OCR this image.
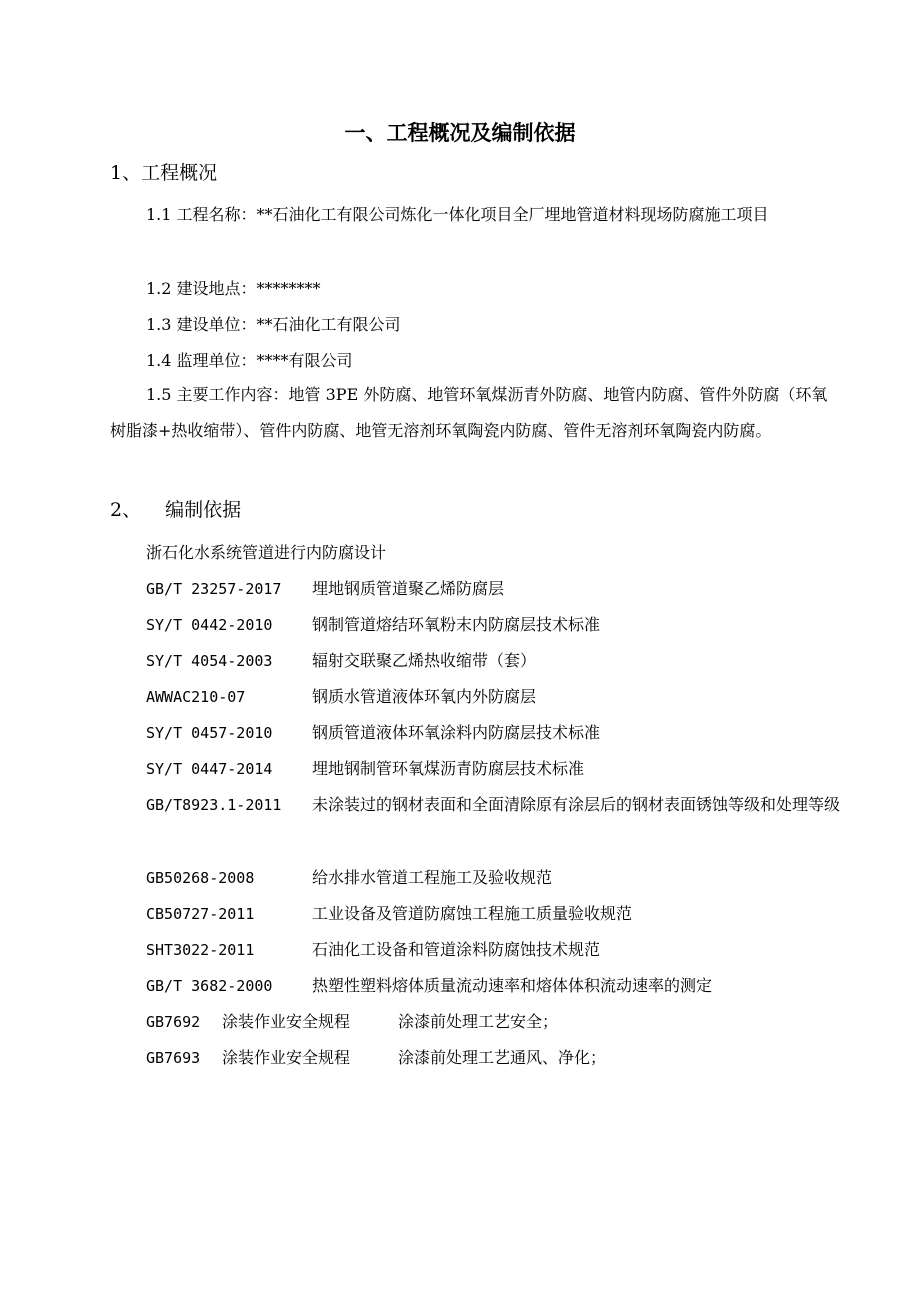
一、工程概况及编制依据
1、工程概况
1.1 工程名称：**石油化工有限公司炼化一体化项目全厂埋地管道材料现场防腐施工项目
1.2 建设地点：********
1.3 建设单位：**石油化工有限公司
1.4 监理单位：****有限公司
1.5 主要工作内容：地管 3PE 外防腐、地管环氧煤沥青外防腐、地管内防腐、管件外防腐（环氧树脂漆+热收缩带）、管件内防腐、地管无溶剂环氧陶瓷内防腐、管件无溶剂环氧陶瓷内防腐。
2、 编制依据
浙石化水系统管道进行内防腐设计
GB/T 23257-2017 埋地钢质管道聚乙烯防腐层
SY/T 0442-2010 钢制管道熔结环氧粉末内防腐层技术标准
SY/T 4054-2003 辐射交联聚乙烯热收缩带（套）
AWWAC210-07	钢质水管道液体环氧内外防腐层
SY/T 0457-2010 钢质管道液体环氧涂料内防腐层技术标准
SY/T 0447-2014 埋地钢制管环氧煤沥青防腐层技术标准
GB/T8923.1-2011 未涂装过的钢材表面和全面清除原有涂层后的钢材表面锈蚀等级和处理等级
GB50268-2008	给水排水管道工程施工及验收规范
CB50727-2011	工业设备及管道防腐蚀工程施工质量验收规范
SHT3022-2011	石油化工设备和管道涂料防腐蚀技术规范
GB/T 3682-2000 热塑性塑料熔体质量流动速率和熔体体积流动速率的测定
GB7692 涂装作业安全规程	涂漆前处理工艺安全；
GB7693 涂装作业安全规程	涂漆前处理工艺通风、净化；
